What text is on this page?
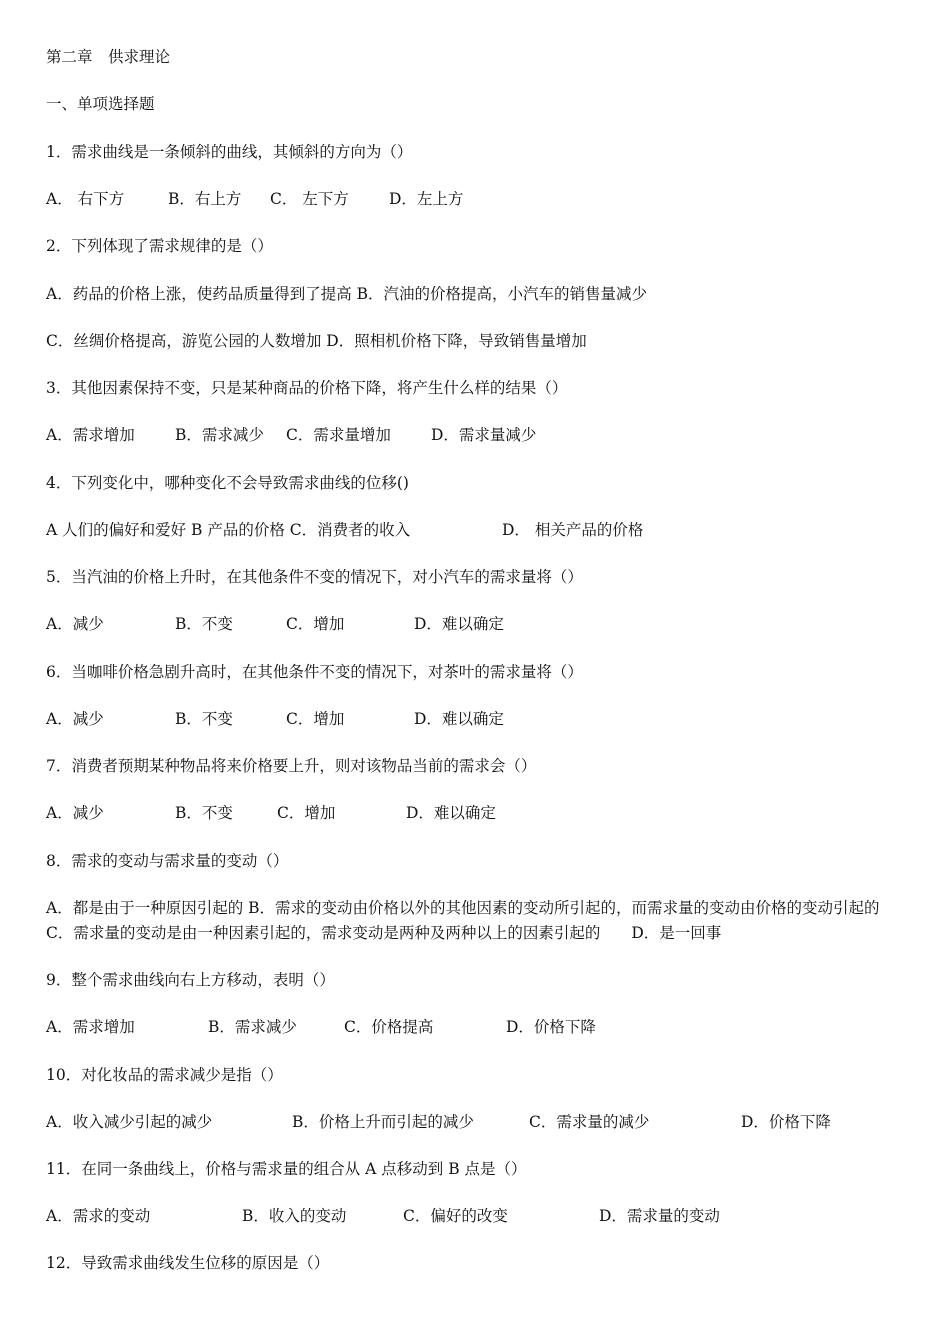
第二章　供求理论
一、单项选择题
1．需求曲线是一条倾斜的曲线，其倾斜的方向为（）
A． 右下方	B．右上方 C． 左下方	D．左上方
2．下列体现了需求规律的是（）
A．药品的价格上涨，使药品质量得到了提高 B．汽油的价格提高，小汽车的销售量减少
C．丝绸价格提高，游览公园的人数增加 D．照相机价格下降，导致销售量增加
3．其他因素保持不变，只是某种商品的价格下降，将产生什么样的结果（）
A．需求增加	B．需求减少 C．需求量增加	D．需求量减少
4．下列变化中，哪种变化不会导致需求曲线的位移()
A 人们的偏好和爱好 B 产品的价格 C．消费者的收入	D． 相关产品的价格
5．当汽油的价格上升时，在其他条件不变的情况下，对小汽车的需求量将（）
A．减少	B．不变	C．增加	D．难以确定
6．当咖啡价格急剧升高时，在其他条件不变的情况下，对茶叶的需求量将（）
A．减少	B．不变	C．增加	D．难以确定
7．消费者预期某种物品将来价格要上升，则对该物品当前的需求会（）
A．减少	B．不变	C．增加	D．难以确定
8．需求的变动与需求量的变动（）
A．都是由于一种原因引起的 B．需求的变动由价格以外的其他因素的变动所引起的，而需求量的变动由价格的变动引起的 C．需求量的变动是由一种因素引起的，需求变动是两种及两种以上的因素引起的　　D．是一回事
9．整个需求曲线向右上方移动，表明（）
A．需求增加	B．需求减少	C．价格提高	D．价格下降
10．对化妆品的需求减少是指（）
A．收入减少引起的减少	B．价格上升而引起的减少	C．需求量的减少	D．价格下降
11．在同一条曲线上，价格与需求量的组合从 A 点移动到 B 点是（）
A．需求的变动	B．收入的变动	C．偏好的改变	D．需求量的变动
12．导致需求曲线发生位移的原因是（）
